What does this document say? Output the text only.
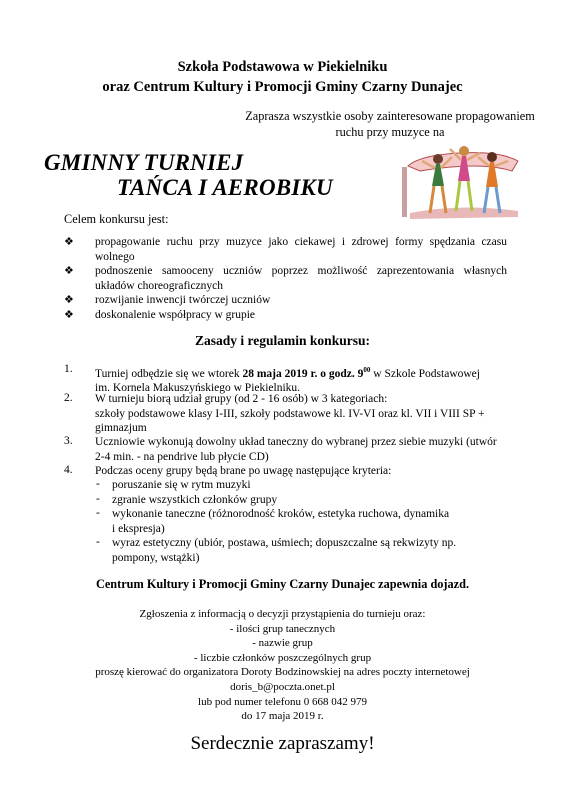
Szkoła Podstawowa w Piekielniku
oraz Centrum Kultury i Promocji Gminy Czarny Dunajec
Zaprasza wszystkie osoby zainteresowane propagowaniem
ruchu przy muzyce na
GMINNY TURNIEJ
TAŃCA I AEROBIKU
Celem konkursu jest:
❖ propagowanie ruchu przy muzyce jako ciekawej i zdrowej formy spędzania czasu
wolnego
❖ podnoszenie samooceny uczniów poprzez możliwość zaprezentowania własnych
układów choreograficznych
❖ rozwijanie inwencji twórczej uczniów
❖ doskonalenie współpracy w grupie
Zasady i regulamin konkursu:
1. Turniej odbędzie się we wtorek 28 maja 2019 r. o godz. $9^{00}$ w Szkole Podstawowej
im. Kornela Makuszyńskiego w Piekielniku.
2. W turnieju biorą udział grupy (od 2 - 16 osób) w 3 kategoriach:
szkoły podstawowe klasy I-III, szkoły podstawowe kl. IV-VI oraz kl. VII i VIII SP +
gimnazjum
3. Uczniowie wykonują dowolny układ taneczny do wybranej przez siebie muzyki (utwór
2-4 min. - na pendrive lub płycie CD)
4. Podczas oceny grupy będą brane po uwagę następujące kryteria:
- poruszanie się w rytm muzyki
- zgranie wszystkich członków grupy
- wykonanie taneczne (różnorodność kroków, estetyka ruchowa, dynamika
i ekspresja)
- wyraz estetyczny (ubiór, postawa, uśmiech; dopuszczalne są rekwizyty np.
pompony, wstążki)
Centrum Kultury i Promocji Gminy Czarny Dunajec zapewnia dojazd.
Zgłoszenia z informacją o decyzji przystąpienia do turnieju oraz:
- ilości grup tanecznych
- nazwie grup
- liczbie członków poszczególnych grup
proszę kierować do organizatora Doroty Bodzinowskiej na adres poczty internetowej
doris_b@poczta.onet.pl
lub pod numer telefonu 0 668 042 979
do 17 maja 2019 r.
Serdecznie zapraszamy!
